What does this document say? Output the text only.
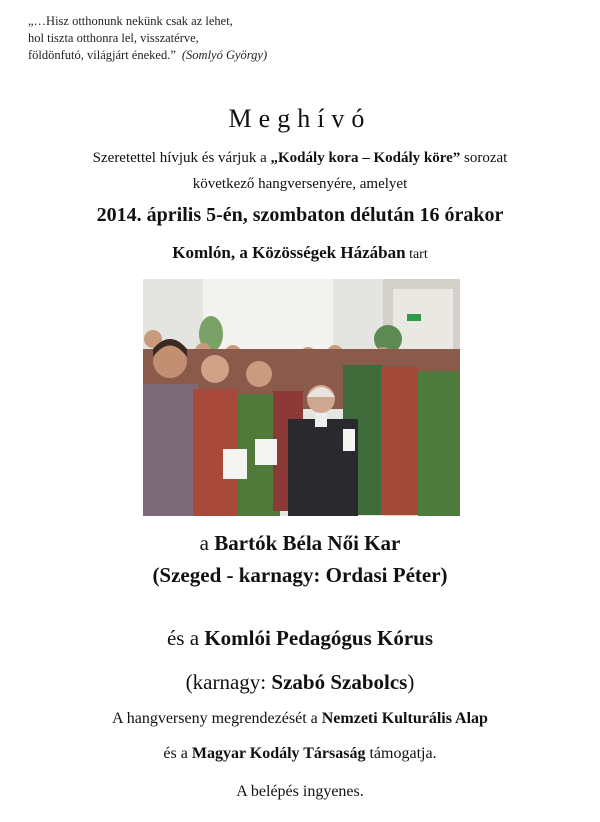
„…Hisz otthonunk nekünk csak az lehet,
hol tiszta otthonra lel, visszatérve,
földönfutó, világjárt éneked.” (Somlyó György)
Meghívó
Szeretettel hívjuk és várjuk a „Kodály kora – Kodály köre” sorozat
következő hangversenyére, amelyet
2014. április 5-én, szombaton délután 16 órakor
Komlón, a Közösségek Házában tart
a Bartók Béla Női Kar
(Szeged - karnagy: Ordasi Péter)
és a Komlói Pedagógus Kórus
(karnagy: Szabó Szabolcs)
A hangverseny megrendezését a Nemzeti Kulturális Alap
és a Magyar Kodály Társaság támogatja.
A belépés ingyenes.
